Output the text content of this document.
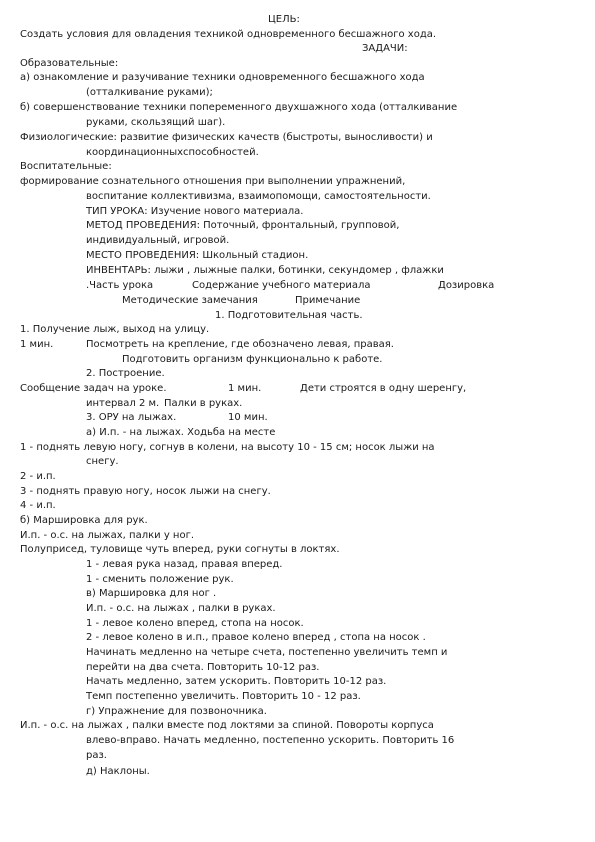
ЦЕЛЬ:
Создать условия для овладения техникой одновременного бесшажного хода.
ЗАДАЧИ:
Образовательные:
а) ознакомление и разучивание техники одновременного бесшажного хода
(отталкивание руками);
б) совершенствование техники попеременного двухшажного хода (отталкивание
руками, скользящий шаг).
Физиологические: развитие физических качеств (быстроты, выносливости) и
координационныхспособностей.
Воспитательные:
формирование сознательного отношения при выполнении упражнений,
воспитание коллективизма, взаимопомощи, самостоятельности.
ТИП УРОКА: Изучение нового материала.
МЕТОД ПРОВЕДЕНИЯ: Поточный, фронтальный, групповой,
индивидуальный, игровой.
МЕСТО ПРОВЕДЕНИЯ: Школьный стадион.
ИНВЕНТАРЬ: лыжи , лыжные палки, ботинки, секундомер , флажки
.Часть урока	Содержание учебного материала	Дозировка
Методические замечания	Примечание
1. Подготовительная часть.
1. Получение лыж, выход на улицу.
1 мин.	Посмотреть на крепление, где обозначено левая, правая.
Подготовить организм функционально к работе.
2. Построение.
Сообщение задач на уроке.	1 мин.	Дети строятся в одну шеренгу,
интервал 2 м. Палки в руках.
3. ОРУ на лыжах.	10 мин.
а) И.п. - на лыжах. Ходьба на месте
1 - поднять левую ногу, согнув в колени, на высоту 10 - 15 см; носок лыжи на
снегу.
2 - и.п.
3 - поднять правую ногу, носок лыжи на снегу.
4 - и.п.
б) Маршировка для рук.
И.п. - о.с. на лыжах, палки у ног.
Полуприсед, туловище чуть вперед, руки согнуты в локтях.
1 - левая рука назад, правая вперед.
1 - сменить положение рук.
в) Маршировка для ног .
И.п. - о.с. на лыжах , палки в руках.
1 - левое колено вперед, стопа на носок.
2 - левое колено в и.п., правое колено вперед , стопа на носок .
Начинать медленно на четыре счета, постепенно увеличить темп и
перейти на два счета. Повторить 10-12 раз.
Начать медленно, затем ускорить. Повторить 10-12 раз.
Темп постепенно увеличить. Повторить 10 - 12 раз.
г) Упражнение для позвоночника.
И.п. - о.с. на лыжах , палки вместе под локтями за спиной. Повороты корпуса
влево-вправо. Начать медленно, постепенно ускорить. Повторить 16
раз.
д) Наклоны.
